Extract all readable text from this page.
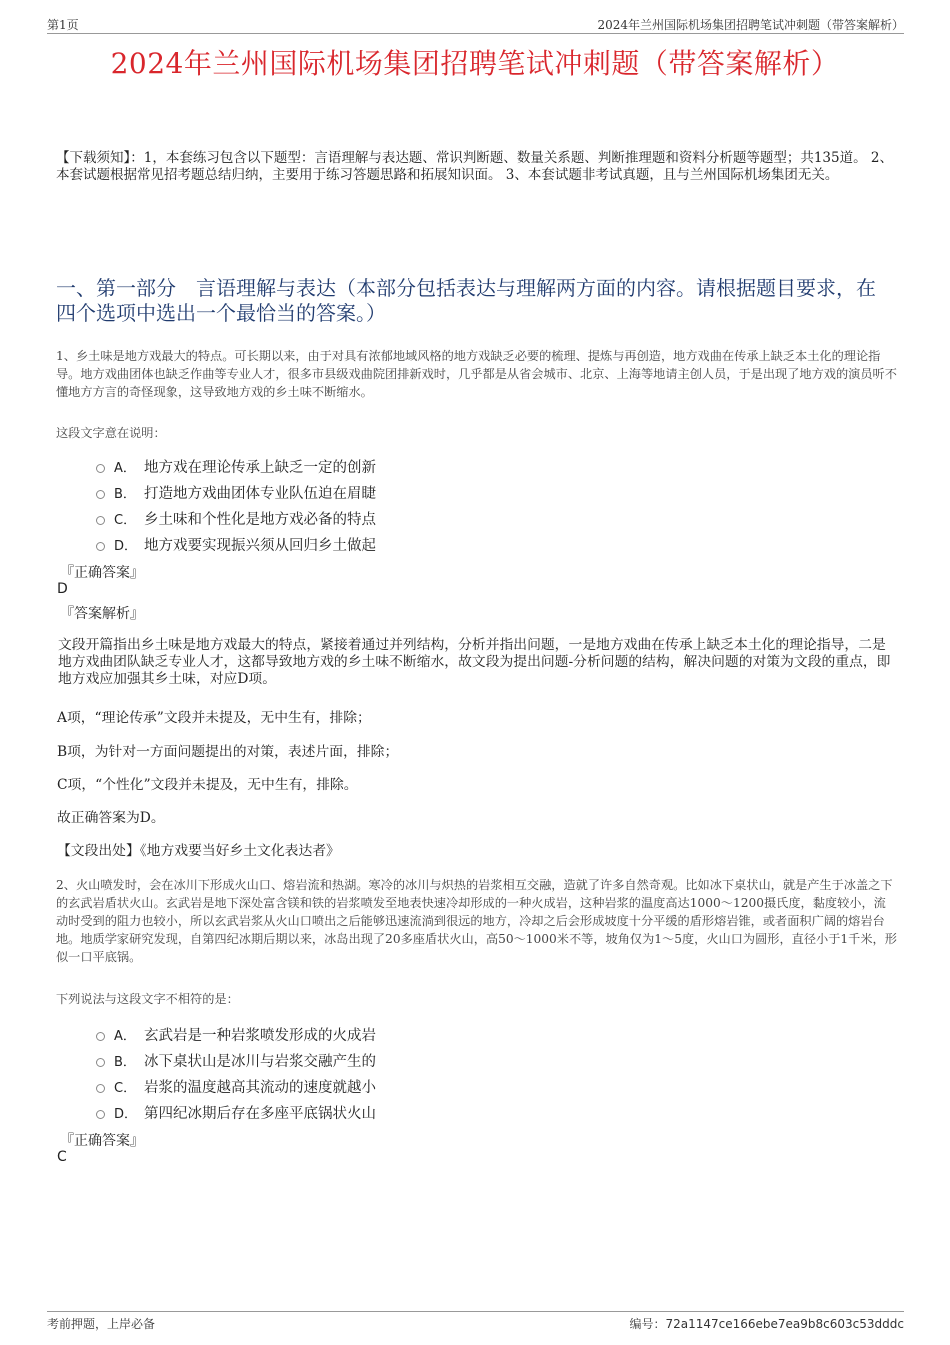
第1页	2024年兰州国际机场集团招聘笔试冲刺题（带答案解析）
2024年兰州国际机场集团招聘笔试冲刺题（带答案解析）
【下载须知】：1，本套练习包含以下题型：言语理解与表达题、常识判断题、数量关系题、判断推理题和资料分析题等题型；共135道。 2、本套试题根据常见招考题总结归纳，主要用于练习答题思路和拓展知识面。 3、本套试题非考试真题，且与兰州国际机场集团无关。
一、第一部分　言语理解与表达（本部分包括表达与理解两方面的内容。请根据题目要求，在四个选项中选出一个最恰当的答案。）
1、乡土味是地方戏最大的特点。可长期以来，由于对具有浓郁地域风格的地方戏缺乏必要的梳理、提炼与再创造，地方戏曲在传承上缺乏本土化的理论指导。地方戏曲团体也缺乏作曲等专业人才，很多市县级戏曲院团排新戏时，几乎都是从省会城市、北京、上海等地请主创人员，于是出现了地方戏的演员听不懂地方方言的奇怪现象，这导致地方戏的乡土味不断缩水。
这段文字意在说明：
A． 地方戏在理论传承上缺乏一定的创新
B． 打造地方戏曲团体专业队伍迫在眉睫
C． 乡土味和个性化是地方戏必备的特点
D． 地方戏要实现振兴须从回归乡土做起
『正确答案』
D
『答案解析』
文段开篇指出乡土味是地方戏最大的特点，紧接着通过并列结构，分析并指出问题，一是地方戏曲在传承上缺乏本土化的理论指导，二是地方戏曲团队缺乏专业人才，这都导致地方戏的乡土味不断缩水，故文段为提出问题-分析问题的结构，解决问题的对策为文段的重点，即地方戏应加强其乡土味，对应D项。
A项，“理论传承”文段并未提及，无中生有，排除；
B项，为针对一方面问题提出的对策，表述片面，排除；
C项，“个性化”文段并未提及，无中生有，排除。
故正确答案为D。
【文段出处】《地方戏要当好乡土文化表达者》
2、火山喷发时，会在冰川下形成火山口、熔岩流和热湖。寒冷的冰川与炽热的岩浆相互交融，造就了许多自然奇观。比如冰下桌状山，就是产生于冰盖之下的玄武岩盾状火山。玄武岩是地下深处富含镁和铁的岩浆喷发至地表快速冷却形成的一种火成岩，这种岩浆的温度高达1000～1200摄氏度，黏度较小，流动时受到的阻力也较小，所以玄武岩浆从火山口喷出之后能够迅速流淌到很远的地方，冷却之后会形成坡度十分平缓的盾形熔岩锥，或者面积广阔的熔岩台地。地质学家研究发现，自第四纪冰期后期以来，冰岛出现了20多座盾状火山，高50～1000米不等，坡角仅为1～5度，火山口为圆形，直径小于1千米，形似一口平底锅。
下列说法与这段文字不相符的是：
A． 玄武岩是一种岩浆喷发形成的火成岩
B． 冰下桌状山是冰川与岩浆交融产生的
C． 岩浆的温度越高其流动的速度就越小
D． 第四纪冰期后存在多座平底锅状火山
『正确答案』
C
考前押题，上岸必备	编号：72a1147ce166ebe7ea9b8c603c53dddc
